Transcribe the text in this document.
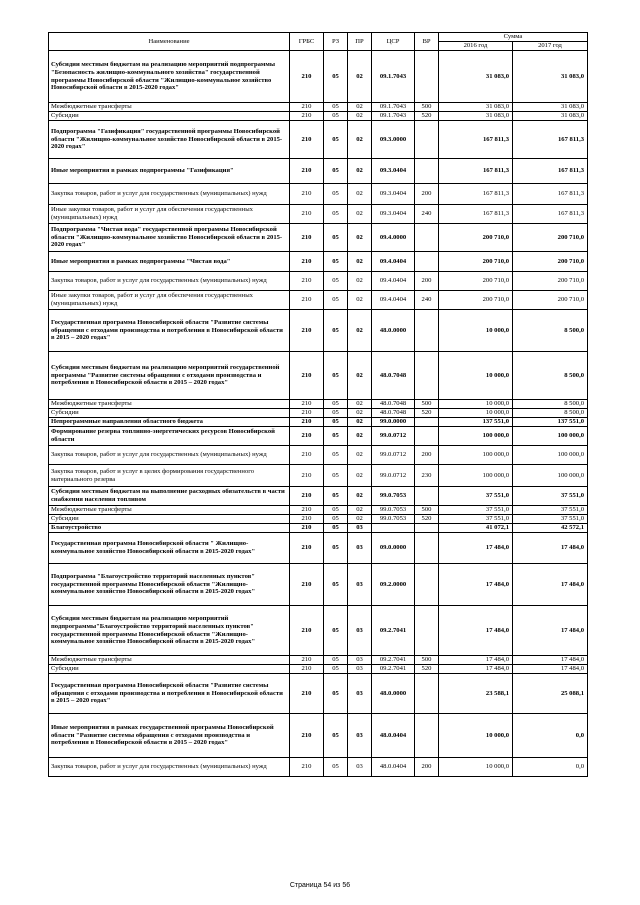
Наименование	ГРБС	РЗ	ПР	ЦСР	ВР	Сумма	
						2016 год	2017 год
Субсидии местным бюджетам на реализацию мероприятий подпрограммы "Безопасность жилищно-коммунального хозяйства" государственной программы Новосибирской области "Жилищно-коммунальное хозяйство Новосибирской области в 2015-2020 годах"	210	05	02	09.1.7043		31 083,0	31 083,0
Межбюджетные трансферты	210	05	02	09.1.7043	500	31 083,0	31 083,0
Субсидии	210	05	02	09.1.7043	520	31 083,0	31 083,0
Подпрограмма "Газификация" государственной программы Новосибирской области "Жилищно-коммунальное хозяйство Новосибирской области в 2015-2020 годах"	210	05	02	09.3.0000		167 811,3	167 811,3
Иные мероприятия в рамках подпрограммы "Газификация"	210	05	02	09.3.0404		167 811,3	167 811,3
Закупка товаров, работ и услуг для государственных (муниципальных) нужд	210	05	02	09.3.0404	200	167 811,3	167 811,3
Иные закупки товаров, работ и услуг для обеспечения государственных (муниципальных) нужд	210	05	02	09.3.0404	240	167 811,3	167 811,3
Подпрограмма "Чистая вода" государственной программы Новосибирской области "Жилищно-коммунальное хозяйство Новосибирской области в 2015-2020 годах"	210	05	02	09.4.0000		200 710,0	200 710,0
Иные мероприятия в рамках подпрограммы "Чистая вода"	210	05	02	09.4.0404		200 710,0	200 710,0
Закупка товаров, работ и услуг для государственных (муниципальных) нужд	210	05	02	09.4.0404	200	200 710,0	200 710,0
Иные закупки товаров, работ и услуг для обеспечения государственных (муниципальных) нужд	210	05	02	09.4.0404	240	200 710,0	200 710,0
Государственная программа Новосибирской области "Развитие системы обращения с отходами производства и потребления в Новосибирской области в 2015 – 2020 годах"	210	05	02	48.0.0000		10 000,0	8 500,0
Субсидии местным бюджетам на реализацию мероприятий государственной программы "Развитие системы обращения с отходами производства и потребления в Новосибирской области в 2015 – 2020 годах"	210	05	02	48.0.7048		10 000,0	8 500,0
Межбюджетные трансферты	210	05	02	48.0.7048	500	10 000,0	8 500,0
Субсидии	210	05	02	48.0.7048	520	10 000,0	8 500,0
Непрограммные направления областного бюджета	210	05	02	99.0.0000		137 551,0	137 551,0
Формирование резерва топливно-энергетических ресурсов Новосибирской области	210	05	02	99.0.0712		100 000,0	100 000,0
Закупка товаров, работ и услуг для государственных (муниципальных) нужд	210	05	02	99.0.0712	200	100 000,0	100 000,0
Закупка товаров, работ и услуг в целях формирования государственного материального резерва	210	05	02	99.0.0712	230	100 000,0	100 000,0
Субсидии местным бюджетам на выполнение расходных обязательств в части снабжения населения топливом	210	05	02	99.0.7053		37 551,0	37 551,0
Межбюджетные трансферты	210	05	02	99.0.7053	500	37 551,0	37 551,0
Субсидии	210	05	02	99.0.7053	520	37 551,0	37 551,0
Благоустройство	210	05	03			41 072,1	42 572,1
Государственная программа Новосибирской области " Жилищно-коммунальное хозяйство Новосибирской области в 2015-2020 годах"	210	05	03	09.0.0000		17 484,0	17 484,0
Подпрограмма "Благоустройство территорий населенных пунктов" государственной программы Новосибирской области "Жилищно-коммунальное хозяйство Новосибирской области в 2015-2020 годах"	210	05	03	09.2.0000		17 484,0	17 484,0
Субсидии местным бюджетам на реализацию мероприятий подпрограммы"Благоустройство территорий населенных пунктов" государственной программы Новосибирской области "Жилищно-коммунальное хозяйство Новосибирской области в 2015-2020 годах"	210	05	03	09.2.7041		17 484,0	17 484,0
Межбюджетные трансферты	210	05	03	09.2.7041	500	17 484,0	17 484,0
Субсидии	210	05	03	09.2.7041	520	17 484,0	17 484,0
Государственная программа Новосибирской области "Развитие системы обращения с отходами производства и потребления в Новосибирской области в 2015 – 2020 годах"	210	05	03	48.0.0000		23 588,1	25 088,1
Иные мероприятия в рамках государственной программы Новосибирской области "Развитие системы обращения с отходами производства и потребления в Новосибирской области в 2015 – 2020 годах"	210	05	03	48.0.0404		10 000,0	0,0
Закупка товаров, работ и услуг для государственных (муниципальных) нужд	210	05	03	48.0.0404	200	10 000,0	0,0
Страница 54 из 56
